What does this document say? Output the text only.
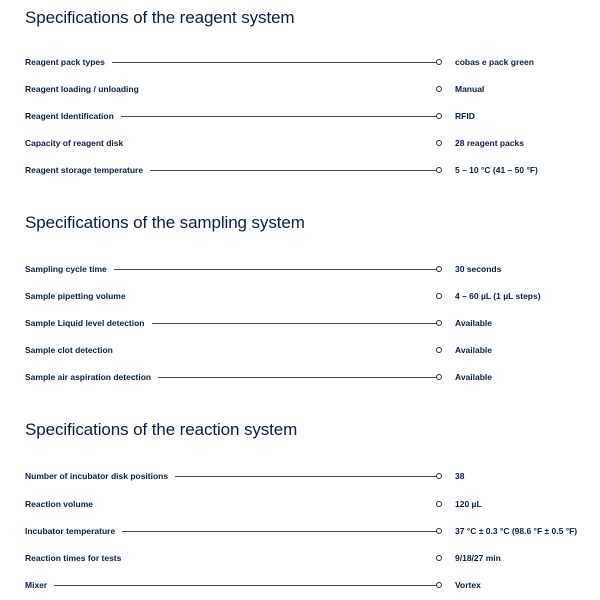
Specifications of the reagent system
Reagent pack types	cobas e pack green
Reagent loading / unloading	Manual
Reagent Identification	RFID
Capacity of reagent disk	28 reagent packs
Reagent storage temperature	5 – 10 °C (41 – 50 °F)
Specifications of the sampling system
Sampling cycle time	30 seconds
Sample pipetting volume	4 – 60 µL (1 µL steps)
Sample Liquid level detection	Available
Sample clot detection	Available
Sample air aspiration detection	Available
Specifications of the reaction system
Number of incubator disk positions	38
Reaction volume	120 µL
Incubator temperature	37 °C ± 0.3 °C (98.6 °F ± 0.5 °F)
Reaction times for tests	9/18/27 min
Mixer	Vortex
